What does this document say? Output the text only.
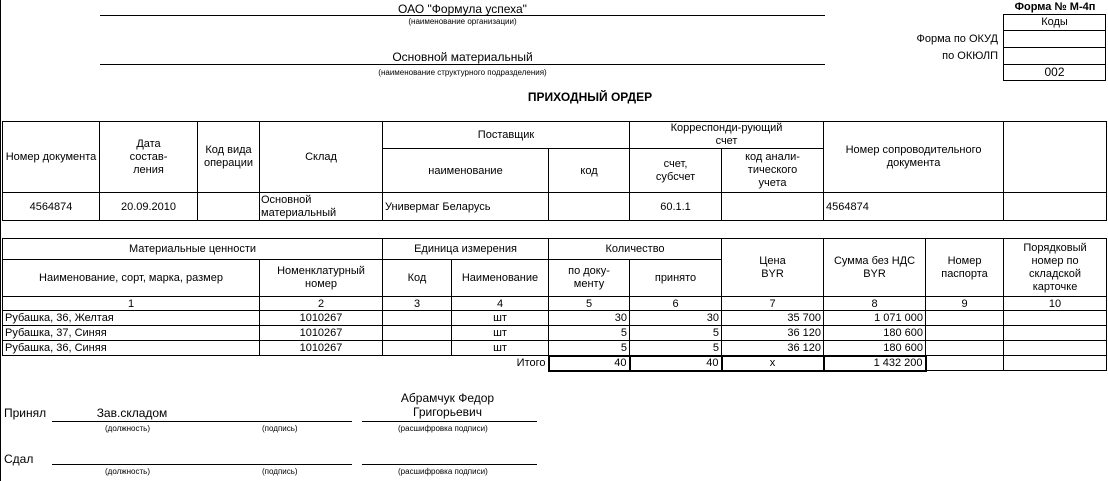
ОАО "Формула успеха"
(наименование организации)
Основной материальный
(наименование структурного подразделения)
ПРИХОДНЫЙ ОРДЕР
Форма № М-4п
Коды
002
Форма по ОКУД
по ОКЮЛП
Номер документа	Дата состав-ления	Код вида операции	Склад	Поставщик		Корреспонди-рующий счет		Номер сопроводительного документа	
				наименование	код	счет, субсчет	код анали-тического учета		
4564874	20.09.2010		Основной материальный	Универмаг Беларусь		60.1.1		4564874	
Материальные ценности		Единица измерения		Количество		Цена BYR	Сумма без НДС BYR	Номер паспорта	Порядковый номер по складской карточке
Наименование, сорт, марка, размер	Номенклатурный номер	Код	Наименование	по доку-менту	принято				
1	2	3	4	5	6	7	8	9	10
Рубашка, 36, Желтая	1010267		шт	30	30	35 700	1 071 000		
Рубашка, 37, Синяя	1010267		шт	5	5	36 120	180 600		
Рубашка, 36, Синяя	1010267		шт	5	5	36 120	180 600		
			Итого	40	40	x	1 432 200		
Принял	Зав.складом
Абрамчук Федор Григорьевич
(должность)	(подпись)	(расшифровка подписи)
Сдал
(должность)	(подпись)	(расшифровка подписи)
